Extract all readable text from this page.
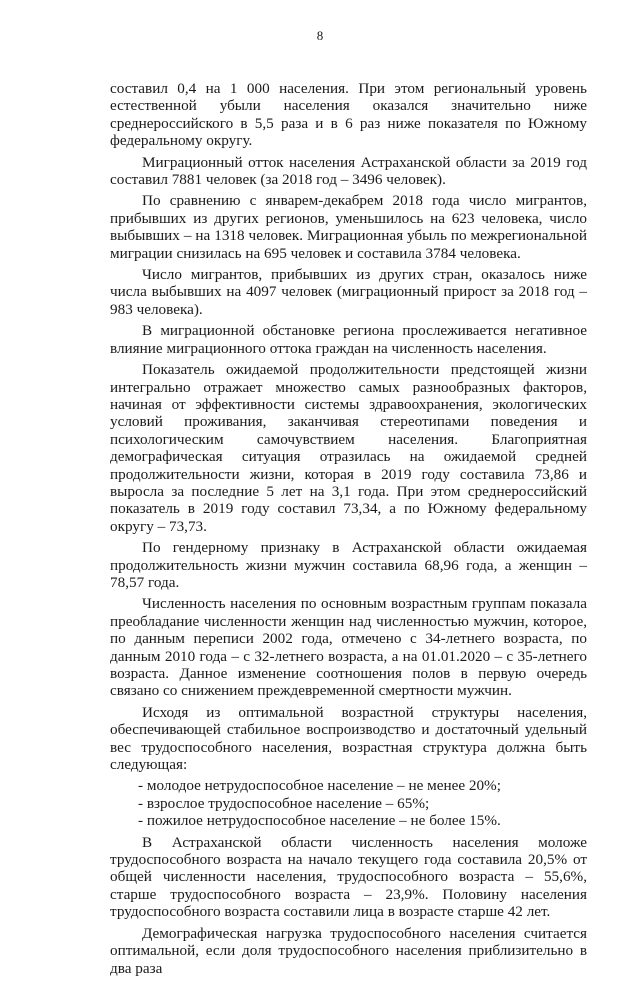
8

составил 0,4 на 1 000 населения. При этом региональный уровень естественной убыли населения оказался значительно ниже среднероссийского в 5,5 раза и в 6 раз ниже показателя по Южному федеральному округу.

Миграционный отток населения Астраханской области за 2019 год составил 7881 человек (за 2018 год – 3496 человек).

По сравнению с январем-декабрем 2018 года число мигрантов, прибывших из других регионов, уменьшилось на 623 человека, число выбывших – на 1318 человек. Миграционная убыль по межрегиональной миграции снизилась на 695 человек и составила 3784 человека.

Число мигрантов, прибывших из других стран, оказалось ниже числа выбывших на 4097 человек (миграционный прирост за 2018 год – 983 человека).

В миграционной обстановке региона прослеживается негативное влияние миграционного оттока граждан на численность населения.

Показатель ожидаемой продолжительности предстоящей жизни интегрально отражает множество самых разнообразных факторов, начиная от эффективности системы здравоохранения, экологических условий проживания, заканчивая стереотипами поведения и психологическим самочувствием населения. Благоприятная демографическая ситуация отразилась на ожидаемой средней продолжительности жизни, которая в 2019 году составила 73,86 и выросла за последние 5 лет на 3,1 года. При этом среднероссийский показатель в 2019 году составил 73,34, а по Южному федеральному округу – 73,73.

По гендерному признаку в Астраханской области ожидаемая продолжительность жизни мужчин составила 68,96 года, а женщин – 78,57 года.

Численность населения по основным возрастным группам показала преобладание численности женщин над численностью мужчин, которое, по данным переписи 2002 года, отмечено с 34-летнего возраста, по данным 2010 года – с 32-летнего возраста, а на 01.01.2020 – с 35-летнего возраста. Данное изменение соотношения полов в первую очередь связано со снижением преждевременной смертности мужчин.

Исходя из оптимальной возрастной структуры населения, обеспечивающей стабильное воспроизводство и достаточный удельный вес трудоспособного населения, возрастная структура должна быть следующая:

- молодое нетрудоспособное население – не менее 20%;

- взрослое трудоспособное население – 65%;

- пожилое нетрудоспособное население – не более 15%.

В Астраханской области численность населения моложе трудоспособного возраста на начало текущего года составила 20,5% от общей численности населения, трудоспособного возраста – 55,6%, старше трудоспособного возраста – 23,9%. Половину населения трудоспособного возраста составили лица в возрасте старше 42 лет.

Демографическая нагрузка трудоспособного населения считается оптимальной, если доля трудоспособного населения приблизительно в два раза
